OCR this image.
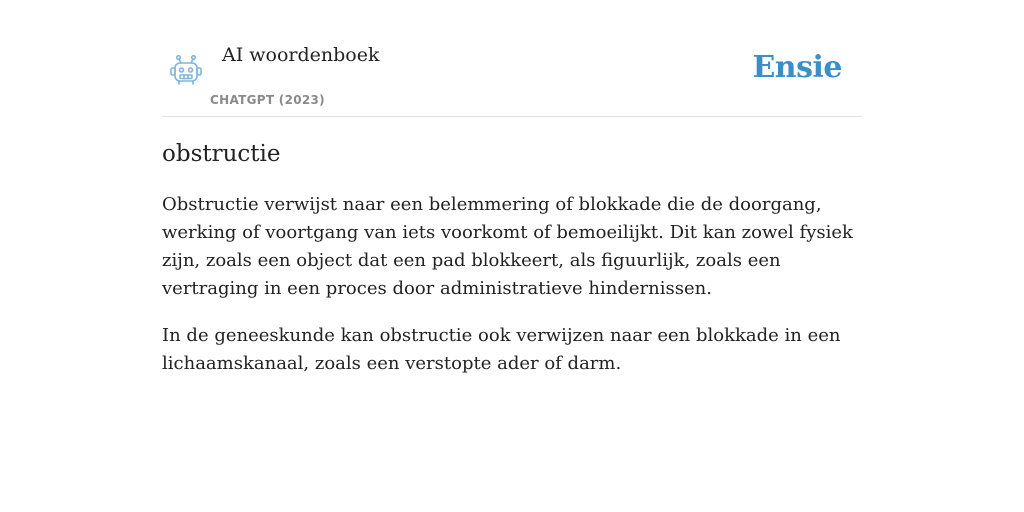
AI woordenboek
CHATGPT (2023)
Ensie
obstructie

Obstructie verwijst naar een belemmering of blokkade die de doorgang, werking of voortgang van iets voorkomt of bemoeilijkt. Dit kan zowel fysiek zijn, zoals een object dat een pad blokkeert, als figuurlijk, zoals een vertraging in een proces door administratieve hindernissen.

In de geneeskunde kan obstructie ook verwijzen naar een blokkade in een lichaamskanaal, zoals een verstopte ader of darm.
